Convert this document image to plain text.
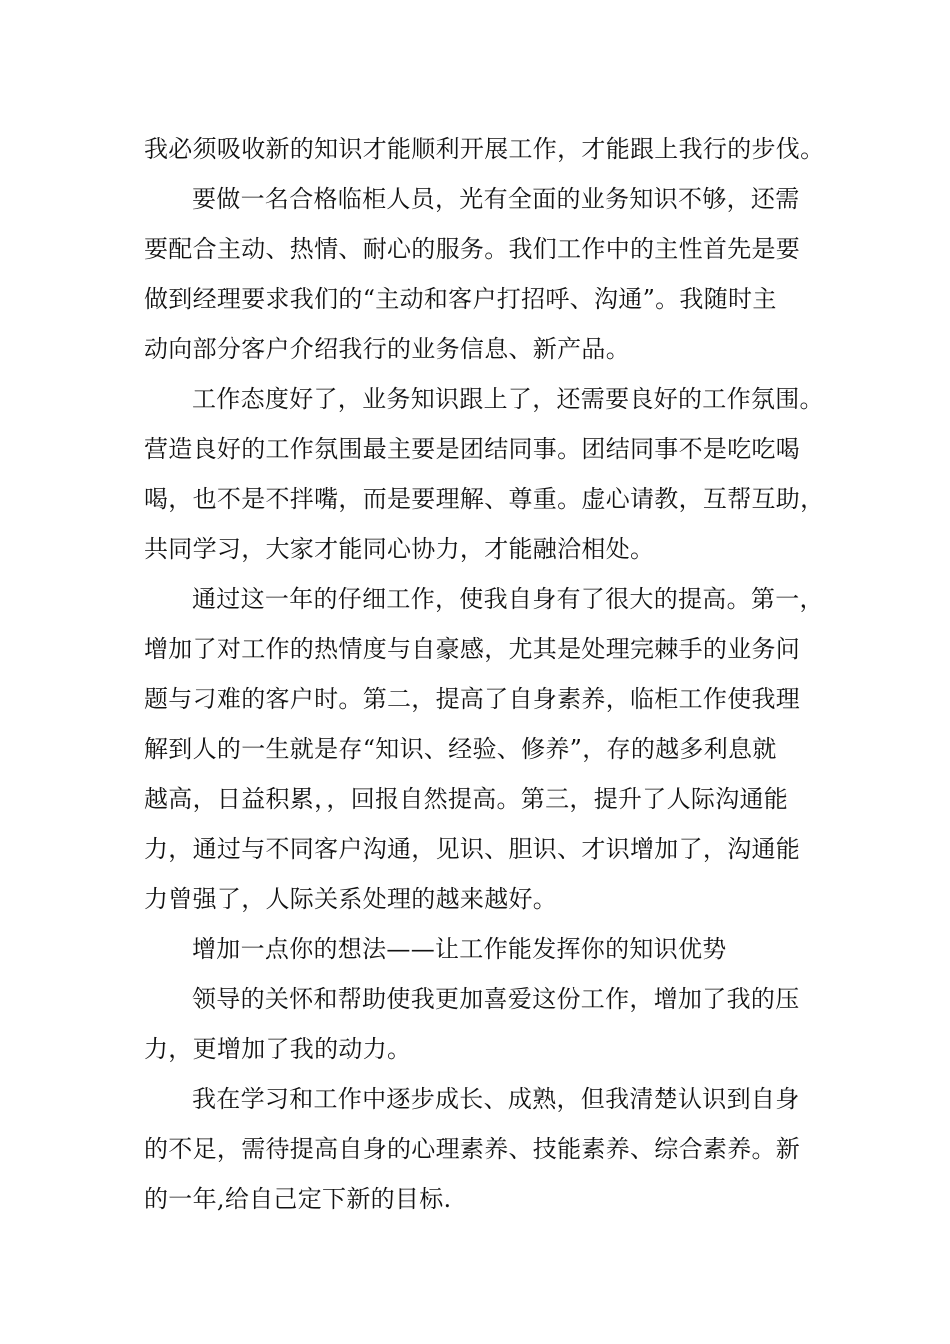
我必须吸收新的知识才能顺利开展工作，才能跟上我行的步伐。

要做一名合格临柜人员，光有全面的业务知识不够，还需
要配合主动、热情、耐心的服务。我们工作中的主性首先是要
做到经理要求我们的“主动和客户打招呼、沟通”。我随时主
动向部分客户介绍我行的业务信息、新产品。

工作态度好了，业务知识跟上了，还需要良好的工作氛围。
营造良好的工作氛围最主要是团结同事。团结同事不是吃吃喝
喝，也不是不拌嘴，而是要理解、尊重。虚心请教，互帮互助，
共同学习，大家才能同心协力，才能融洽相处。

通过这一年的仔细工作，使我自身有了很大的提高。第一，
增加了对工作的热情度与自豪感，尤其是处理完棘手的业务问
题与刁难的客户时。第二，提高了自身素养，临柜工作使我理
解到人的一生就是存“知识、经验、修养”，存的越多利息就
越高，日益积累，，回报自然提高。第三，提升了人际沟通能
力，通过与不同客户沟通，见识、胆识、才识增加了，沟通能
力曾强了，人际关系处理的越来越好。

增加一点你的想法——让工作能发挥你的知识优势

领导的关怀和帮助使我更加喜爱这份工作，增加了我的压
力，更增加了我的动力。

我在学习和工作中逐步成长、成熟，但我清楚认识到自身
的不足，需待提高自身的心理素养、技能素养、综合素养。新
的一年,给自己定下新的目标.
